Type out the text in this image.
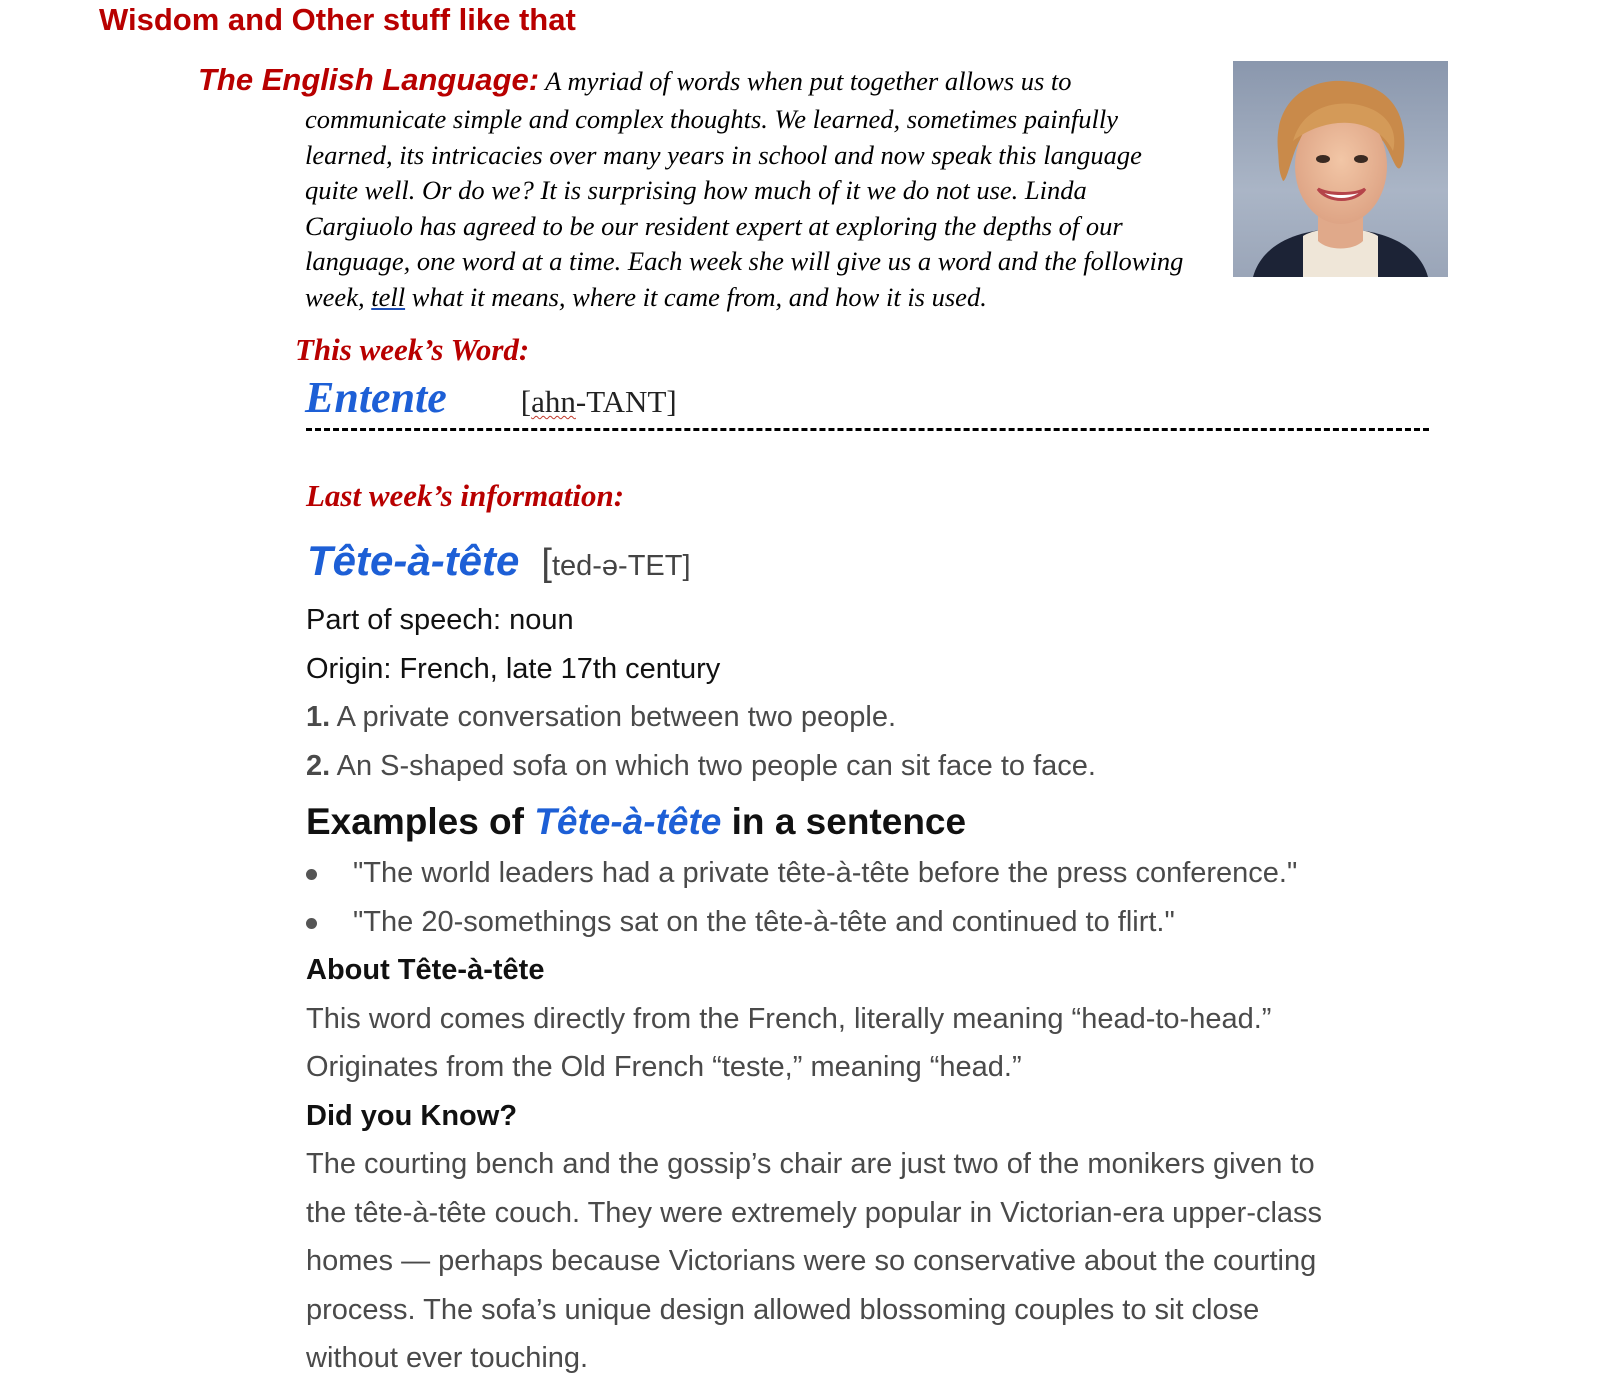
Wisdom and Other stuff like that
The English Language: A myriad of words when put together allows us to
communicate simple and complex thoughts. We learned, sometimes painfully
learned, its intricacies over many years in school and now speak this language
quite well. Or do we? It is surprising how much of it we do not use. Linda
Cargiuolo has agreed to be our resident expert at exploring the depths of our
language, one word at a time. Each week she will give us a word and the following
week, tell what it means, where it came from, and how it is used.
This week’s Word:
Entente [ahn-TANT]
Last week’s information:
Tête-à-tête [ted-ə-TET]
Part of speech: noun
Origin: French, late 17th century
1. A private conversation between two people.
2. An S-shaped sofa on which two people can sit face to face.
Examples of Tête-à-tête in a sentence
"The world leaders had a private tête-à-tête before the press conference."
"The 20-somethings sat on the tête-à-tête and continued to flirt."
About Tête-à-tête
This word comes directly from the French, literally meaning “head-to-head.”
Originates from the Old French “teste,” meaning “head.”
Did you Know?
The courting bench and the gossip’s chair are just two of the monikers given to
the tête-à-tête couch. They were extremely popular in Victorian-era upper-class
homes — perhaps because Victorians were so conservative about the courting
process. The sofa’s unique design allowed blossoming couples to sit close
without ever touching.
